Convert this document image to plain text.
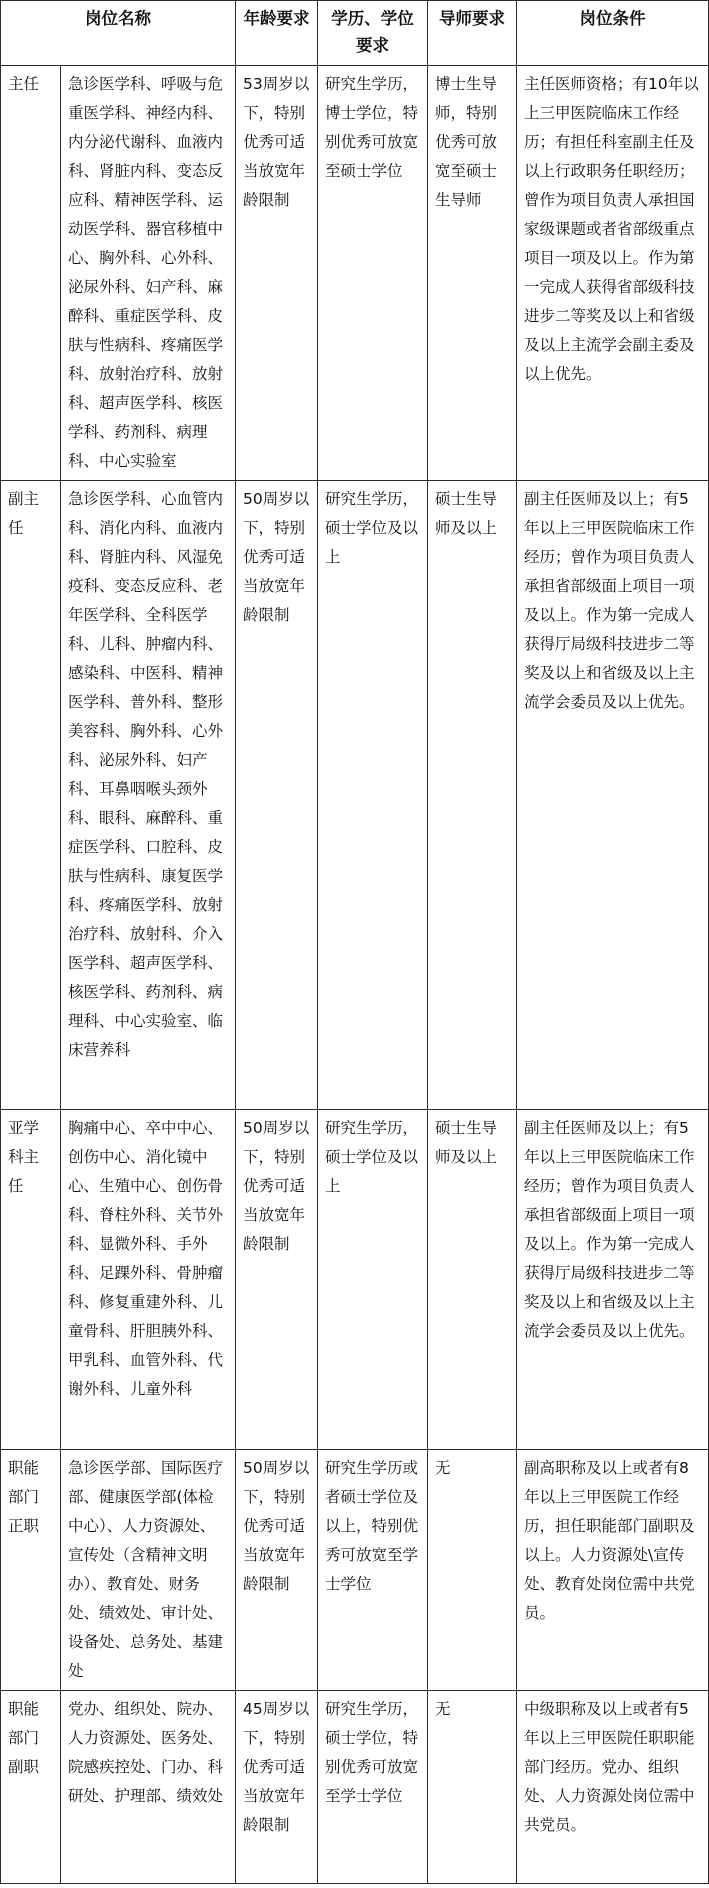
岗位名称		年龄要求	学历、学位要求	导师要求	岗位条件
主任	急诊医学科、呼吸与危重医学科、神经内科、内分泌代谢科、血液内科、肾脏内科、变态反应科、精神医学科、运动医学科、器官移植中心、胸外科、心外科、泌尿外科、妇产科、麻醉科、重症医学科、皮肤与性病科、疼痛医学科、放射治疗科、放射科、超声医学科、核医学科、药剂科、病理科、中心实验室	53周岁以下，特别优秀可适当放宽年龄限制	研究生学历，博士学位，特别优秀可放宽至硕士学位	博士生导师，特别优秀可放宽至硕士生导师	主任医师资格；有10年以上三甲医院临床工作经历；有担任科室副主任及以上行政职务任职经历；曾作为项目负责人承担国家级课题或者省部级重点项目一项及以上。作为第一完成人获得省部级科技进步二等奖及以上和省级及以上主流学会副主委及以上优先。
副主任	急诊医学科、心血管内科、消化内科、血液内科、肾脏内科、风湿免疫科、变态反应科、老年医学科、全科医学科、儿科、肿瘤内科、感染科、中医科、精神医学科、普外科、整形美容科、胸外科、心外科、泌尿外科、妇产科、耳鼻咽喉头颈外科、眼科、麻醉科、重症医学科、口腔科、皮肤与性病科、康复医学科、疼痛医学科、放射治疗科、放射科、介入医学科、超声医学科、核医学科、药剂科、病理科、中心实验室、临床营养科	50周岁以下，特别优秀可适当放宽年龄限制	研究生学历，硕士学位及以上	硕士生导师及以上	副主任医师及以上；有5年以上三甲医院临床工作经历；曾作为项目负责人承担省部级面上项目一项及以上。作为第一完成人获得厅局级科技进步二等奖及以上和省级及以上主流学会委员及以上优先。
亚学科主任	胸痛中心、卒中中心、创伤中心、消化镜中心、生殖中心、创伤骨科、脊柱外科、关节外科、显微外科、手外科、足踝外科、骨肿瘤科、修复重建外科、儿童骨科、肝胆胰外科、甲乳科、血管外科、代谢外科、儿童外科	50周岁以下，特别优秀可适当放宽年龄限制	研究生学历，硕士学位及以上	硕士生导师及以上	副主任医师及以上；有5年以上三甲医院临床工作经历；曾作为项目负责人承担省部级面上项目一项及以上。作为第一完成人获得厅局级科技进步二等奖及以上和省级及以上主流学会委员及以上优先。
职能部门正职	急诊医学部、国际医疗部、健康医学部(体检中心）、人力资源处、宣传处（含精神文明办）、教育处、财务处、绩效处、审计处、设备处、总务处、基建处	50周岁以下，特别优秀可适当放宽年龄限制	研究生学历或者硕士学位及以上，特别优秀可放宽至学士学位	无	副高职称及以上或者有8年以上三甲医院工作经历，担任职能部门副职及以上。人力资源处\宣传处、教育处岗位需中共党员。
职能部门副职	党办、组织处、院办、人力资源处、医务处、院感疾控处、门办、科研处、护理部、绩效处	45周岁以下，特别优秀可适当放宽年龄限制	研究生学历，硕士学位，特别优秀可放宽至学士学位	无	中级职称及以上或者有5年以上三甲医院任职职能部门经历。党办、组织处、人力资源处岗位需中共党员。
